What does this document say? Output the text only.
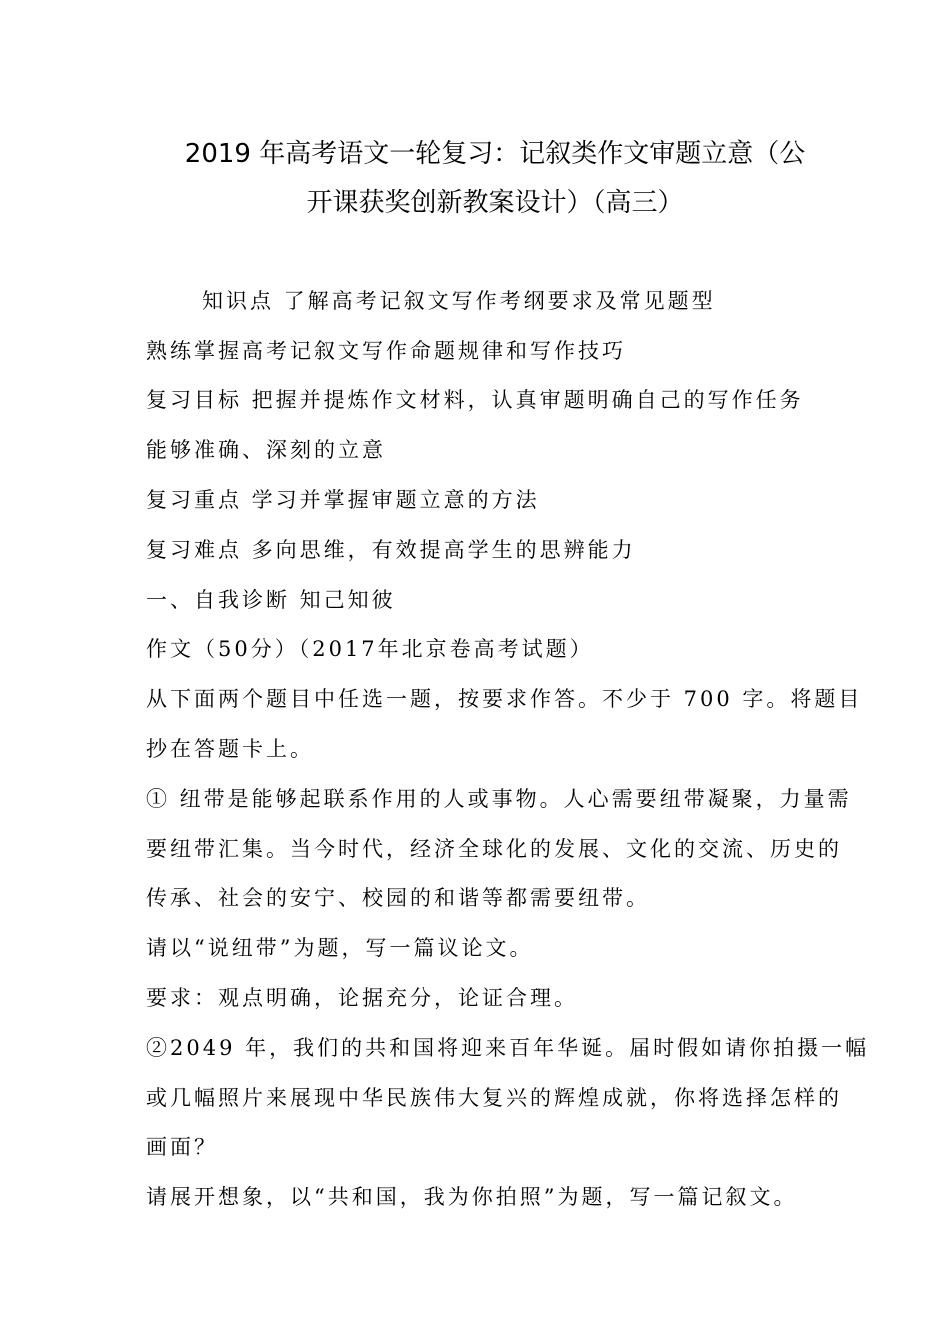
2019 年高考语文一轮复习：记叙类作文审题立意（公
开课获奖创新教案设计）（高三）
知识点 了解高考记叙文写作考纲要求及常见题型
熟练掌握高考记叙文写作命题规律和写作技巧
复习目标 把握并提炼作文材料，认真审题明确自己的写作任务
能够准确、深刻的立意
复习重点 学习并掌握审题立意的方法
复习难点 多向思维，有效提高学生的思辨能力
一、自我诊断 知己知彼
作文（50分）（2017年北京卷高考试题）
从下面两个题目中任选一题，按要求作答。不少于 700 字。将题目
抄在答题卡上。
① 纽带是能够起联系作用的人或事物。人心需要纽带凝聚，力量需
要纽带汇集。当今时代，经济全球化的发展、文化的交流、历史的
传承、社会的安宁、校园的和谐等都需要纽带。
请以“说纽带”为题，写一篇议论文。
要求：观点明确，论据充分，论证合理。
②2049 年，我们的共和国将迎来百年华诞。届时假如请你拍摄一幅
或几幅照片来展现中华民族伟大复兴的辉煌成就，你将选择怎样的
画面？
请展开想象，以“共和国，我为你拍照”为题，写一篇记叙文。
